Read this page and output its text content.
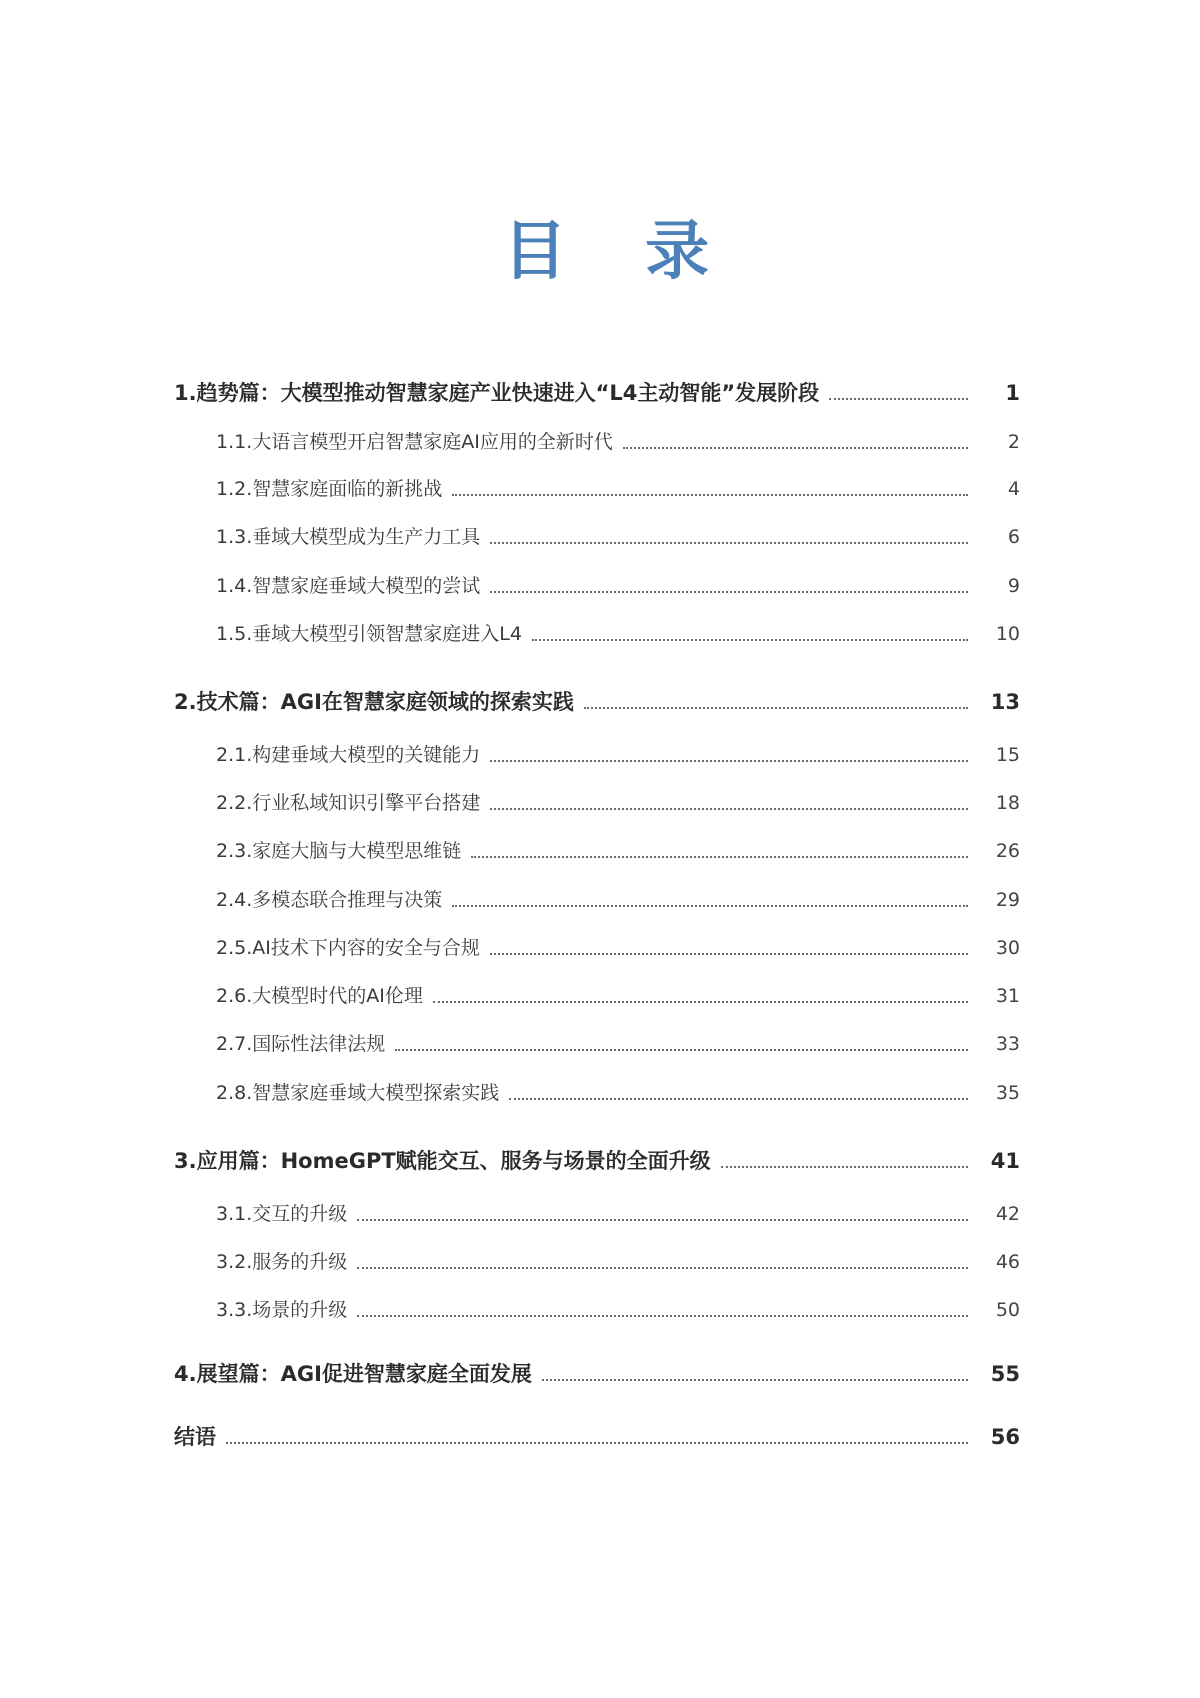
目 录
1.趋势篇：大模型推动智慧家庭产业快速进入“L4主动智能”发展阶段	1
1.1.大语言模型开启智慧家庭AI应用的全新时代	2
1.2.智慧家庭面临的新挑战	4
1.3.垂域大模型成为生产力工具	6
1.4.智慧家庭垂域大模型的尝试	9
1.5.垂域大模型引领智慧家庭进入L4	10
2.技术篇：AGI在智慧家庭领域的探索实践	13
2.1.构建垂域大模型的关键能力	15
2.2.行业私域知识引擎平台搭建	18
2.3.家庭大脑与大模型思维链	26
2.4.多模态联合推理与决策	29
2.5.AI技术下内容的安全与合规	30
2.6.大模型时代的AI伦理	31
2.7.国际性法律法规	33
2.8.智慧家庭垂域大模型探索实践	35
3.应用篇：HomeGPT赋能交互、服务与场景的全面升级	41
3.1.交互的升级	42
3.2.服务的升级	46
3.3.场景的升级	50
4.展望篇：AGI促进智慧家庭全面发展	55
结语	56
